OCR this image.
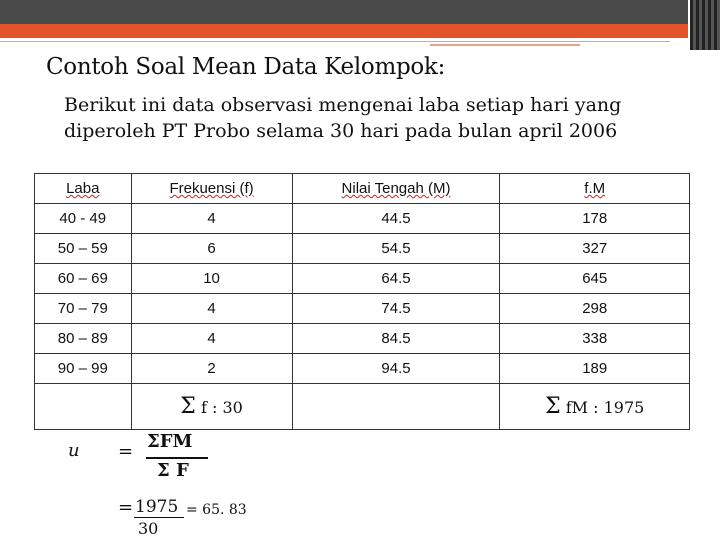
Contoh Soal Mean Data Kelompok:
Berikut ini data observasi mengenai laba setiap hari yang diperoleh PT Probo selama 30 hari pada bulan april 2006
Laba	Frekuensi (f)	Nilai Tengah (M)	f.M
40 - 49	4	44.5	178
50 – 59	6	54.5	327
60 – 69	10	64.5	645
70 – 79	4	74.5	298
80 – 89	4	84.5	338
90 – 99	2	94.5	189
	Σ f : 30		Σ fM : 1975
u = ΣFM
Σ F
= 1975 = 65. 83
30
